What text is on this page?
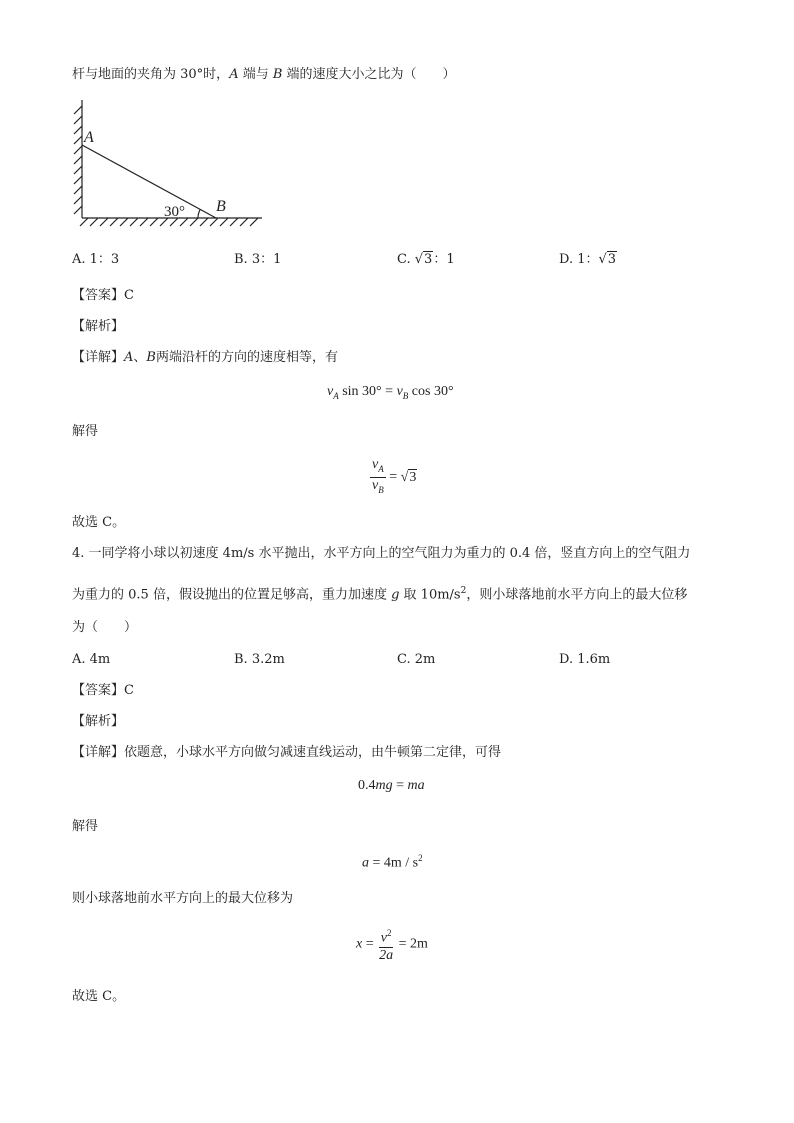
杆与地面的夹角为 30°时，A 端与 B 端的速度大小之比为（　　）
A
B
30°
A. 1：3	B. 3：1	C. √3：1	D. 1：√3
【答案】C
【解析】
【详解】A、B两端沿杆的方向的速度相等，有
$v_A$ $\sin 30^\circ = v_B$ cos 30°
解得
$\frac{v_A}{v_B} = √3$
故选 C。
4. 一同学将小球以初速度 4m/s 水平抛出，水平方向上的空气阻力为重力的 0.4 倍，竖直方向上的空气阻力
为重力的 0.5 倍，假设抛出的位置足够高，重力加速度 g 取 $10m/s^2$，则小球落地前水平方向上的最大位移
为（　　）
A. 4m	B. 3.2m	C. 2m	D. 1.6m
【答案】C
【解析】
【详解】依题意，小球水平方向做匀减速直线运动，由牛顿第二定律，可得
0.4mg = ma
解得
$a = 4m / s^2$
则小球落地前水平方向上的最大位移为
$x = \frac{v^2}{2a} = 2m$
故选 C。
